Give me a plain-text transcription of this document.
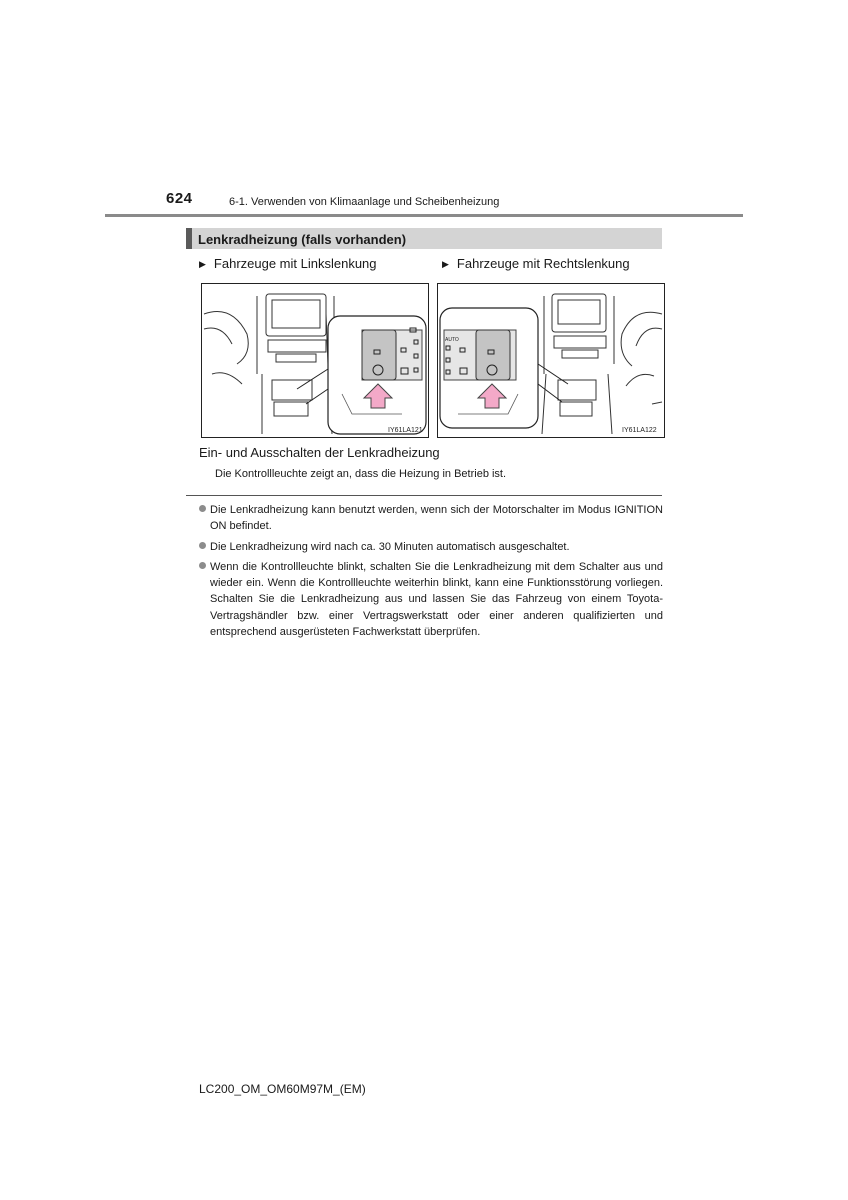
624	6-1. Verwenden von Klimaanlage und Scheibenheizung
Lenkradheizung (falls vorhanden)
▶ Fahrzeuge mit Linkslenkung	▶ Fahrzeuge mit Rechtslenkung
IY61LA121
AUTO
IY61LA122
Ein- und Ausschalten der Lenkradheizung
Die Kontrollleuchte zeigt an, dass die Heizung in Betrieb ist.
Die Lenkradheizung kann benutzt werden, wenn sich der Motorschalter im Modus IGNITION ON befindet.
Die Lenkradheizung wird nach ca. 30 Minuten automatisch ausgeschaltet.
Wenn die Kontrollleuchte blinkt, schalten Sie die Lenkradheizung mit dem Schalter aus und wieder ein. Wenn die Kontrollleuchte weiterhin blinkt, kann eine Funktionsstörung vorliegen. Schalten Sie die Lenkradheizung aus und lassen Sie das Fahrzeug von einem Toyota-Vertragshändler bzw. einer Vertragswerkstatt oder einer anderen qualifizierten und entsprechend ausgerüsteten Fachwerkstatt überprüfen.
LC200_OM_OM60M97M_(EM)
